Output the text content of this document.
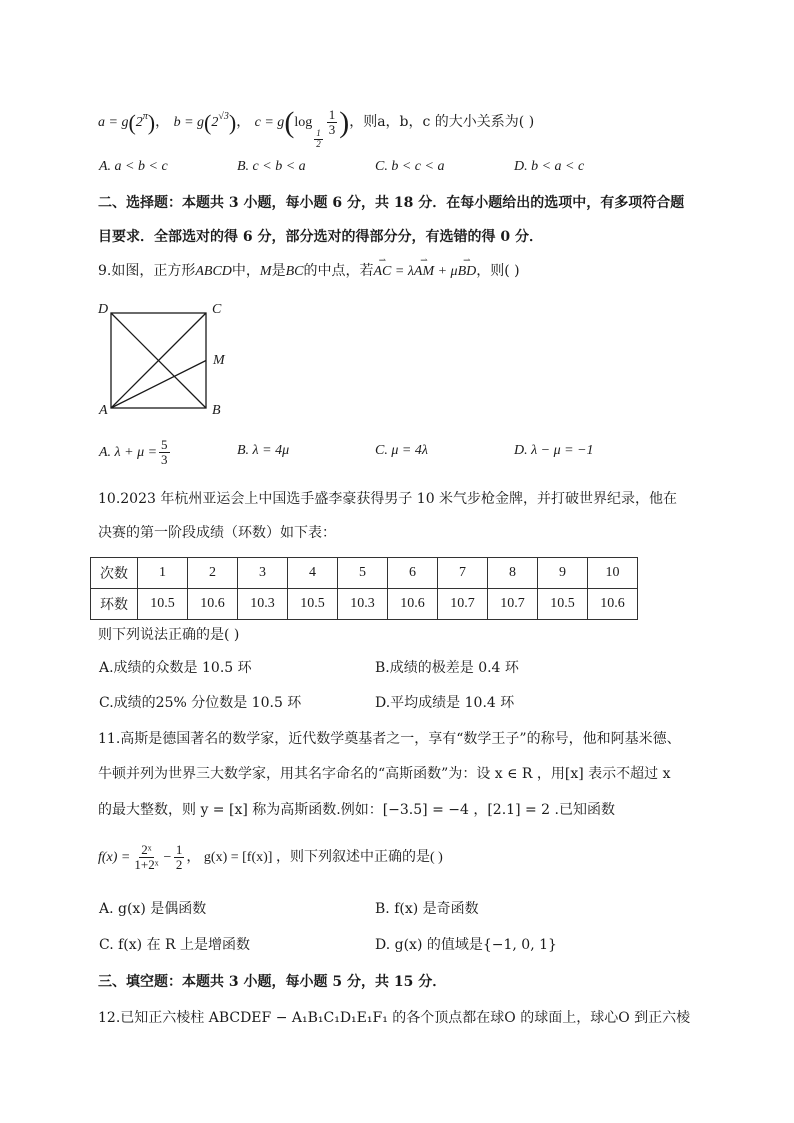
$a = g(2^\pi)$， $b = g(2^{√3})$， c = g(log
$\frac{1}{2}$
$\frac{1}{3}$ )，则a，b，c 的大小关系为( )
A. a < b < c	B. c < b < a	C. b < c < a	D. b < a < c
二、选择题：本题共 3 小题，每小题 6 分，共 18 分．在每小题给出的选项中，有多项符合题
目要求．全部选对的得 6 分，部分选对的得部分分，有选错的得 0 分．
9.如图，正方形ABCD中，M是BC的中点，若⇀ AC = λ⇀ AM + μ⇀ BD，则( )
D	C
M
A	B
A. $\lambda + \mu = \frac{5}{3}$	B. λ = 4μ	C. μ = 4λ	D. λ − μ = −1
10.2023 年杭州亚运会上中国选手盛李豪获得男子 10 米气步枪金牌，并打破世界纪录，他在
决赛的第一阶段成绩（环数）如下表：
次数	1	2	3	4	5	6	7	8	9	10
环数	10.5	10.6	10.3	10.5	10.3	10.6	10.7	10.7	10.5	10.6
则下列说法正确的是( )
A.成绩的众数是 10.5 环	B.成绩的极差是 0.4 环
C.成绩的25% 分位数是 10.5 环	D.平均成绩是 10.4 环
11.高斯是德国著名的数学家，近代数学奠基者之一，享有“数学王子”的称号，他和阿基米德、
牛顿并列为世界三大数学家，用其名字命名的“高斯函数”为：设 x ∈ R ，用[x] 表示不超过 x
的最大整数，则 y = [x] 称为高斯函数.例如：[−3.5] = −4 ，[2.1] = 2 .已知函数
$f(x) = \frac{\text{2ˣ}}{\text{1+2ˣ}} - \frac{1}{2}$ ， g(x) = [f(x)] ，则下列叙述中正确的是( )
A. g(x) 是偶函数	B. f(x) 是奇函数
C. f(x) 在 R 上是增函数	D. g(x) 的值域是{−1, 0, 1}
三、填空题：本题共 3 小题，每小题 5 分，共 15 分．
12.已知正六棱柱 ABCDEF − A₁B₁C₁D₁E₁F₁ 的各个顶点都在球O 的球面上，球心O 到正六棱
